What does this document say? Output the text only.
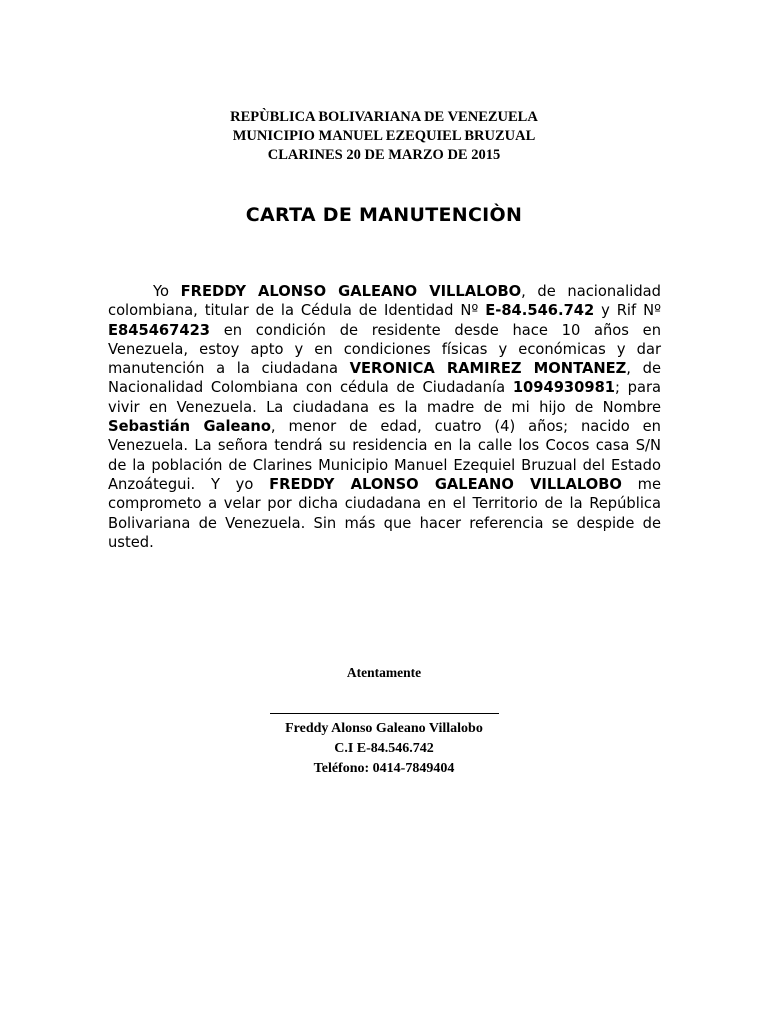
REPÙBLICA BOLIVARIANA DE VENEZUELA
MUNICIPIO MANUEL EZEQUIEL BRUZUAL
CLARINES 20 DE MARZO DE 2015
CARTA DE MANUTENCIÒN

Yo FREDDY ALONSO GALEANO VILLALOBO, de nacionalidad colombiana, titular de la Cédula de Identidad Nº E-84.546.742 y Rif Nº E845467423 en condición de residente desde hace 10 años en Venezuela, estoy apto y en condiciones físicas y económicas y dar manutención a la ciudadana VERONICA RAMIREZ MONTANEZ, de Nacionalidad Colombiana con cédula de Ciudadanía 1094930981; para vivir en Venezuela. La ciudadana es la madre de mi hijo de Nombre Sebastián Galeano, menor de edad, cuatro (4) años; nacido en Venezuela. La señora tendrá su residencia en la calle los Cocos casa S/N de la población de Clarines Municipio Manuel Ezequiel Bruzual del Estado Anzoátegui. Y yo FREDDY ALONSO GALEANO VILLALOBO me comprometo a velar por dicha ciudadana en el Territorio de la República Bolivariana de Venezuela. Sin más que hacer referencia se despide de usted.

Atentamente
Freddy Alonso Galeano Villalobo
C.I E-84.546.742
Teléfono: 0414-7849404
